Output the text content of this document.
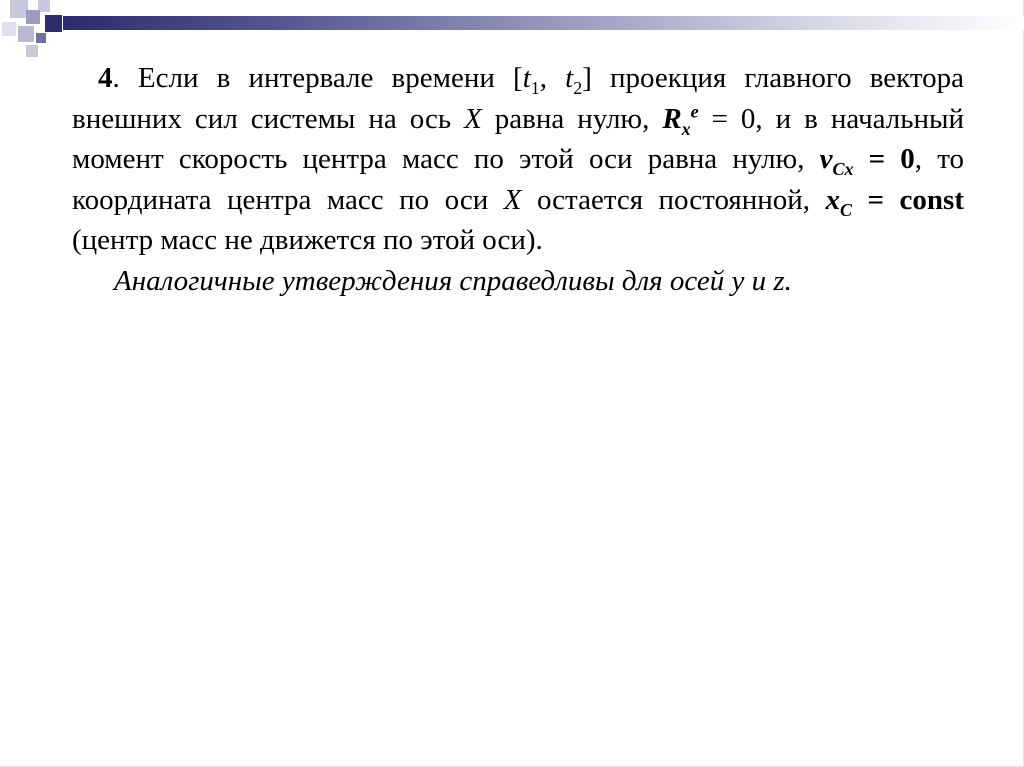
4. Если в интервале времени [$t_1$, $t_2$] проекция главного вектора внешних сил системы на ось X равна нулю, $R_x^e = 0$, и в начальный момент скорость центра масс по этой оси равна нулю, $v_{Cx} = 0$, то координата центра масс по оси X остается постоянной, $x_C$ = const (центр масс не движется по этой оси).

Аналогичные утверждения справедливы для осей y и z.
